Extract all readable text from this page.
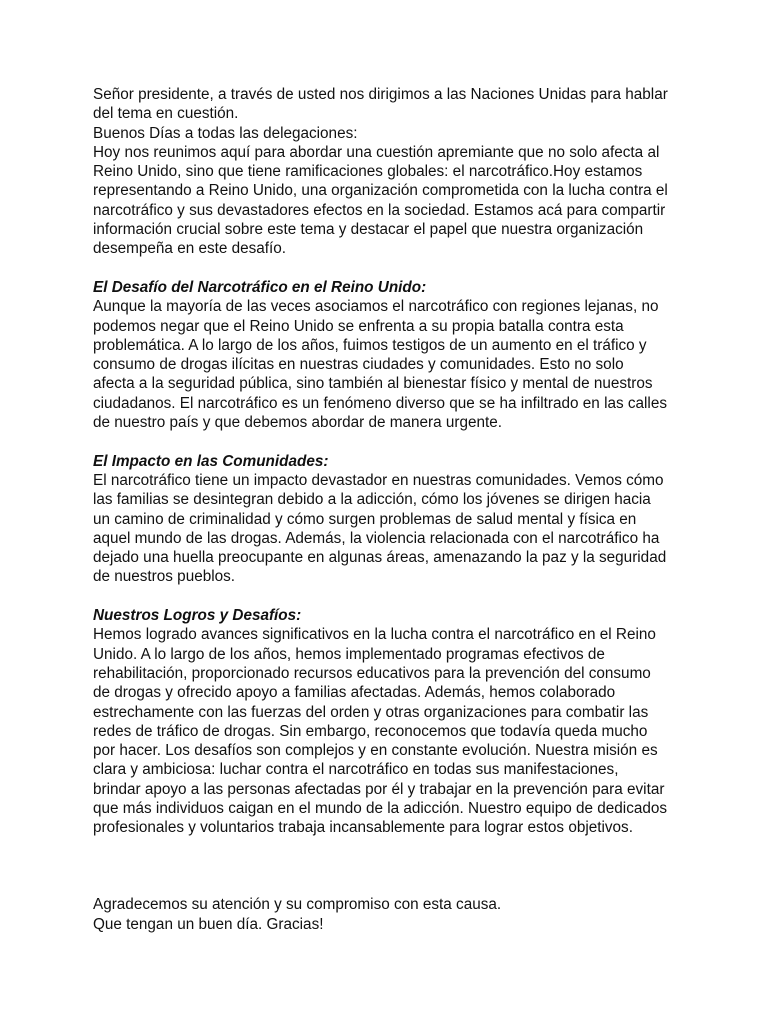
Señor presidente, a través de usted nos dirigimos a las Naciones Unidas para hablar
del tema en cuestión.
Buenos Días a todas las delegaciones:
Hoy nos reunimos aquí para abordar una cuestión apremiante que no solo afecta al
Reino Unido, sino que tiene ramificaciones globales: el narcotráfico.Hoy estamos
representando a Reino Unido, una organización comprometida con la lucha contra el
narcotráfico y sus devastadores efectos en la sociedad. Estamos acá para compartir
información crucial sobre este tema y destacar el papel que nuestra organización
desempeña en este desafío.
El Desafío del Narcotráfico en el Reino Unido:
Aunque la mayoría de las veces asociamos el narcotráfico con regiones lejanas, no
podemos negar que el Reino Unido se enfrenta a su propia batalla contra esta
problemática. A lo largo de los años, fuimos testigos de un aumento en el tráfico y
consumo de drogas ilícitas en nuestras ciudades y comunidades. Esto no solo
afecta a la seguridad pública, sino también al bienestar físico y mental de nuestros
ciudadanos. El narcotráfico es un fenómeno diverso que se ha infiltrado en las calles
de nuestro país y que debemos abordar de manera urgente.
El Impacto en las Comunidades:
El narcotráfico tiene un impacto devastador en nuestras comunidades. Vemos cómo
las familias se desintegran debido a la adicción, cómo los jóvenes se dirigen hacia
un camino de criminalidad y cómo surgen problemas de salud mental y física en
aquel mundo de las drogas. Además, la violencia relacionada con el narcotráfico ha
dejado una huella preocupante en algunas áreas, amenazando la paz y la seguridad
de nuestros pueblos.
Nuestros Logros y Desafíos:
Hemos logrado avances significativos en la lucha contra el narcotráfico en el Reino
Unido. A lo largo de los años, hemos implementado programas efectivos de
rehabilitación, proporcionado recursos educativos para la prevención del consumo
de drogas y ofrecido apoyo a familias afectadas. Además, hemos colaborado
estrechamente con las fuerzas del orden y otras organizaciones para combatir las
redes de tráfico de drogas. Sin embargo, reconocemos que todavía queda mucho
por hacer. Los desafíos son complejos y en constante evolución. Nuestra misión es
clara y ambiciosa: luchar contra el narcotráfico en todas sus manifestaciones,
brindar apoyo a las personas afectadas por él y trabajar en la prevención para evitar
que más individuos caigan en el mundo de la adicción. Nuestro equipo de dedicados
profesionales y voluntarios trabaja incansablemente para lograr estos objetivos.
Agradecemos su atención y su compromiso con esta causa.
Que tengan un buen día. Gracias!
